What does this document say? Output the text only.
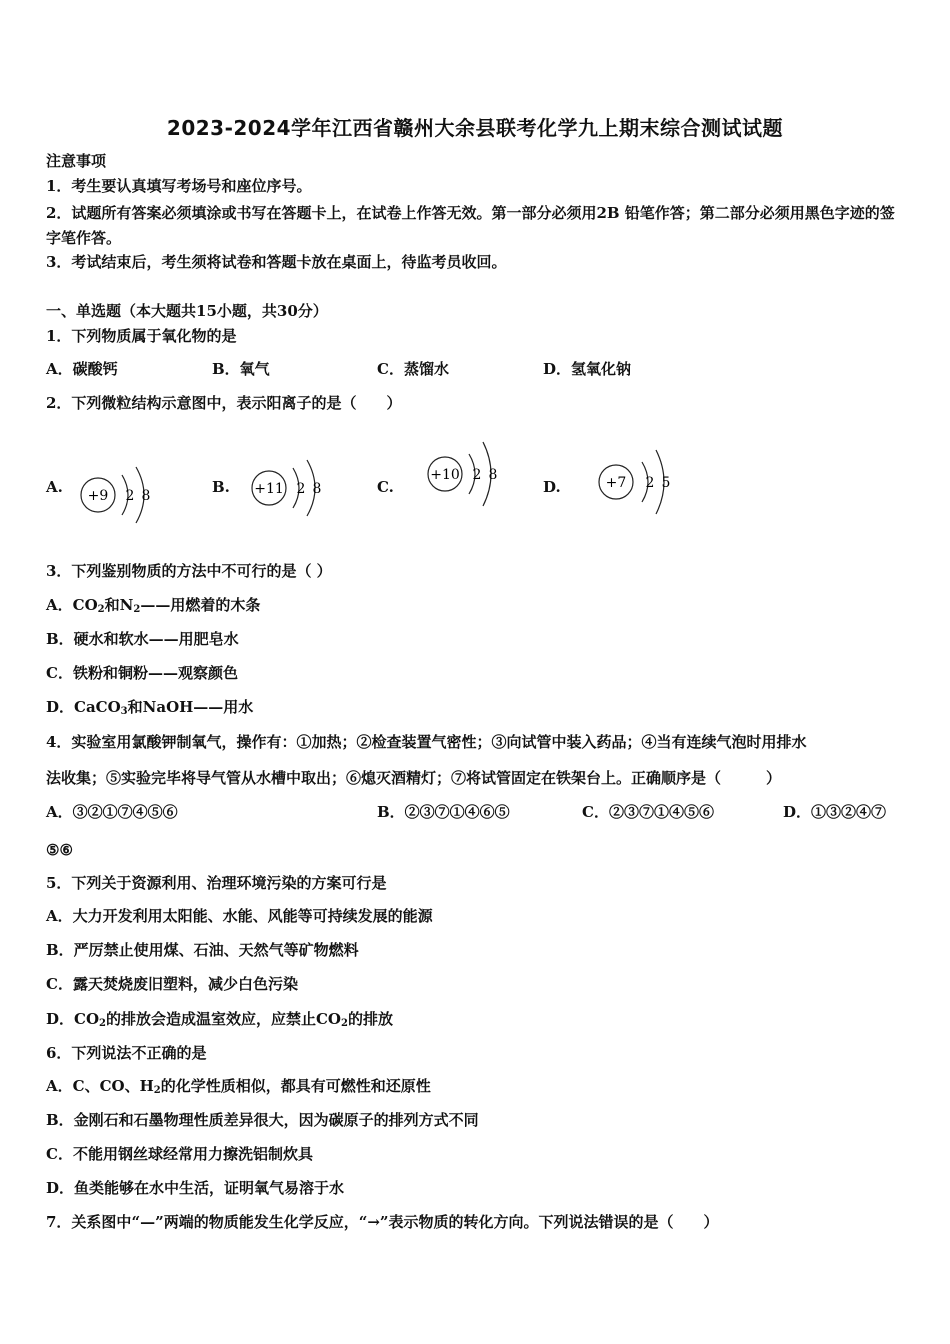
2023-2024学年江西省赣州大余县联考化学九上期末综合测试试题
注意事项
1．考生要认真填写考场号和座位序号。
2．试题所有答案必须填涂或书写在答题卡上，在试卷上作答无效。第一部分必须用2B 铅笔作答；第二部分必须用黑色字迹的签字笔作答。
3．考试结束后，考生须将试卷和答题卡放在桌面上，待监考员收回。
一、单选题（本大题共15小题，共30分）
1．下列物质属于氧化物的是
A．碳酸钙	B．氧气	C．蒸馏水	D．氢氧化钠
2．下列微粒结构示意图中，表示阳离子的是（　　）
A. +9 2 8	B. +11 2 8	C.
+10 2 8
D.	+7 2 5
3．下列鉴别物质的方法中不可行的是（ ）
A．$CO_2$和$N_2——$用燃着的木条
B．硬水和软水——用肥皂水
C．铁粉和铜粉——观察颜色
D．CaCO$_3$和NaOH——用水
4．实验室用氯酸钾制氧气，操作有：①加热；②检查装置气密性；③向试管中装入药品；④当有连续气泡时用排水
法收集；⑤实验完毕将导气管从水槽中取出；⑥熄灭酒精灯；⑦将试管固定在铁架台上。正确顺序是（　　　）
A．③②①⑦④⑤⑥	B．②③⑦①④⑥⑤	C．②③⑦①④⑤⑥	D．①③②④⑦
⑤⑥
5．下列关于资源利用、治理环境污染的方案可行是
A．大力开发利用太阳能、水能、风能等可持续发展的能源
B．严厉禁止使用煤、石油、天然气等矿物燃料
C．露天焚烧废旧塑料，减少白色污染
D．$CO_2$的排放会造成温室效应，应禁止$CO_2$的排放
6．下列说法不正确的是
A．C、CO、$H_2$的化学性质相似，都具有可燃性和还原性
B．金刚石和石墨物理性质差异很大，因为碳原子的排列方式不同
C．不能用钢丝球经常用力擦洗铝制炊具
D．鱼类能够在水中生活，证明氧气易溶于水
7．关系图中“—”两端的物质能发生化学反应，“→”表示物质的转化方向。下列说法错误的是（　　）
